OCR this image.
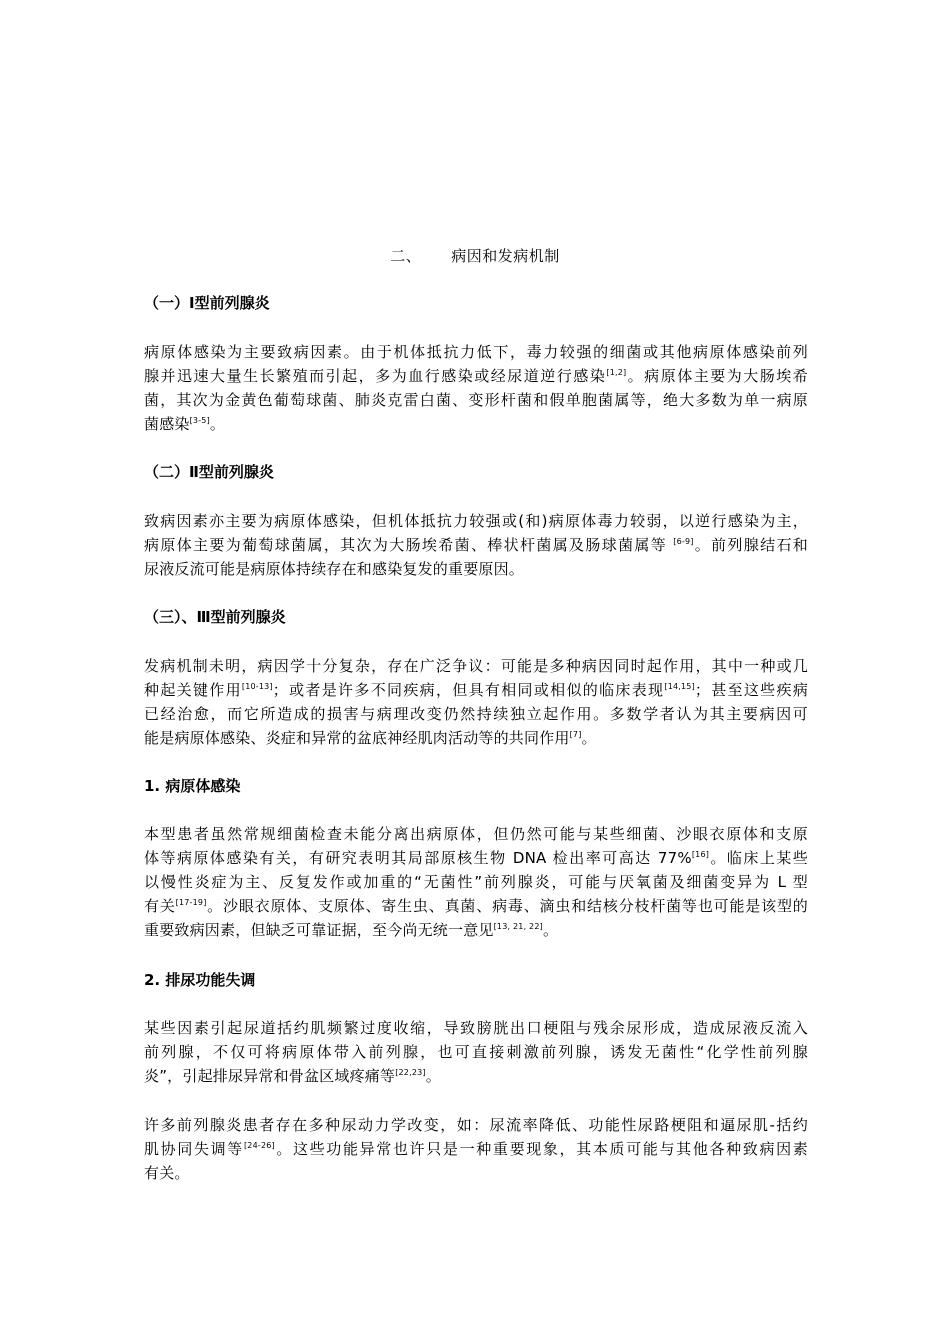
二、 病因和发病机制
（一）Ⅰ型前列腺炎
病原体感染为主要致病因素。由于机体抵抗力低下，毒力较强的细菌或其他病原体感染前列
腺并迅速大量生长繁殖而引起，多为血行感染或经尿道逆行感染[1,2]。病原体主要为大肠埃希
菌，其次为金黄色葡萄球菌、肺炎克雷白菌、变形杆菌和假单胞菌属等，绝大多数为单一病原
菌感染[3-5]。
（二）Ⅱ型前列腺炎
致病因素亦主要为病原体感染，但机体抵抗力较强或(和)病原体毒力较弱，以逆行感染为主，
病原体主要为葡萄球菌属，其次为大肠埃希菌、棒状杆菌属及肠球菌属等 [6-9]。前列腺结石和
尿液反流可能是病原体持续存在和感染复发的重要原因。
（三）、Ⅲ型前列腺炎
发病机制未明，病因学十分复杂，存在广泛争议：可能是多种病因同时起作用，其中一种或几
种起关键作用[10-13]；或者是许多不同疾病，但具有相同或相似的临床表现[14,15]；甚至这些疾病
已经治愈，而它所造成的损害与病理改变仍然持续独立起作用。多数学者认为其主要病因可
能是病原体感染、炎症和异常的盆底神经肌肉活动等的共同作用[7]。
1. 病原体感染
本型患者虽然常规细菌检查未能分离出病原体，但仍然可能与某些细菌、沙眼衣原体和支原
体等病原体感染有关，有研究表明其局部原核生物 DNA 检出率可高达 77%[16]。临床上某些
以慢性炎症为主、反复发作或加重的“无菌性”前列腺炎，可能与厌氧菌及细菌变异为 L 型
有关[17-19]。沙眼衣原体、支原体、寄生虫、真菌、病毒、滴虫和结核分枝杆菌等也可能是该型的
重要致病因素，但缺乏可靠证据，至今尚无统一意见[13, 21, 22]。
2. 排尿功能失调
某些因素引起尿道括约肌频繁过度收缩，导致膀胱出口梗阻与残余尿形成，造成尿液反流入
前列腺，不仅可将病原体带入前列腺，也可直接刺激前列腺，诱发无菌性“化学性前列腺
炎”，引起排尿异常和骨盆区域疼痛等[22,23]。
许多前列腺炎患者存在多种尿动力学改变，如：尿流率降低、功能性尿路梗阻和逼尿肌-括约
肌协同失调等[24-26]。这些功能异常也许只是一种重要现象，其本质可能与其他各种致病因素
有关。
